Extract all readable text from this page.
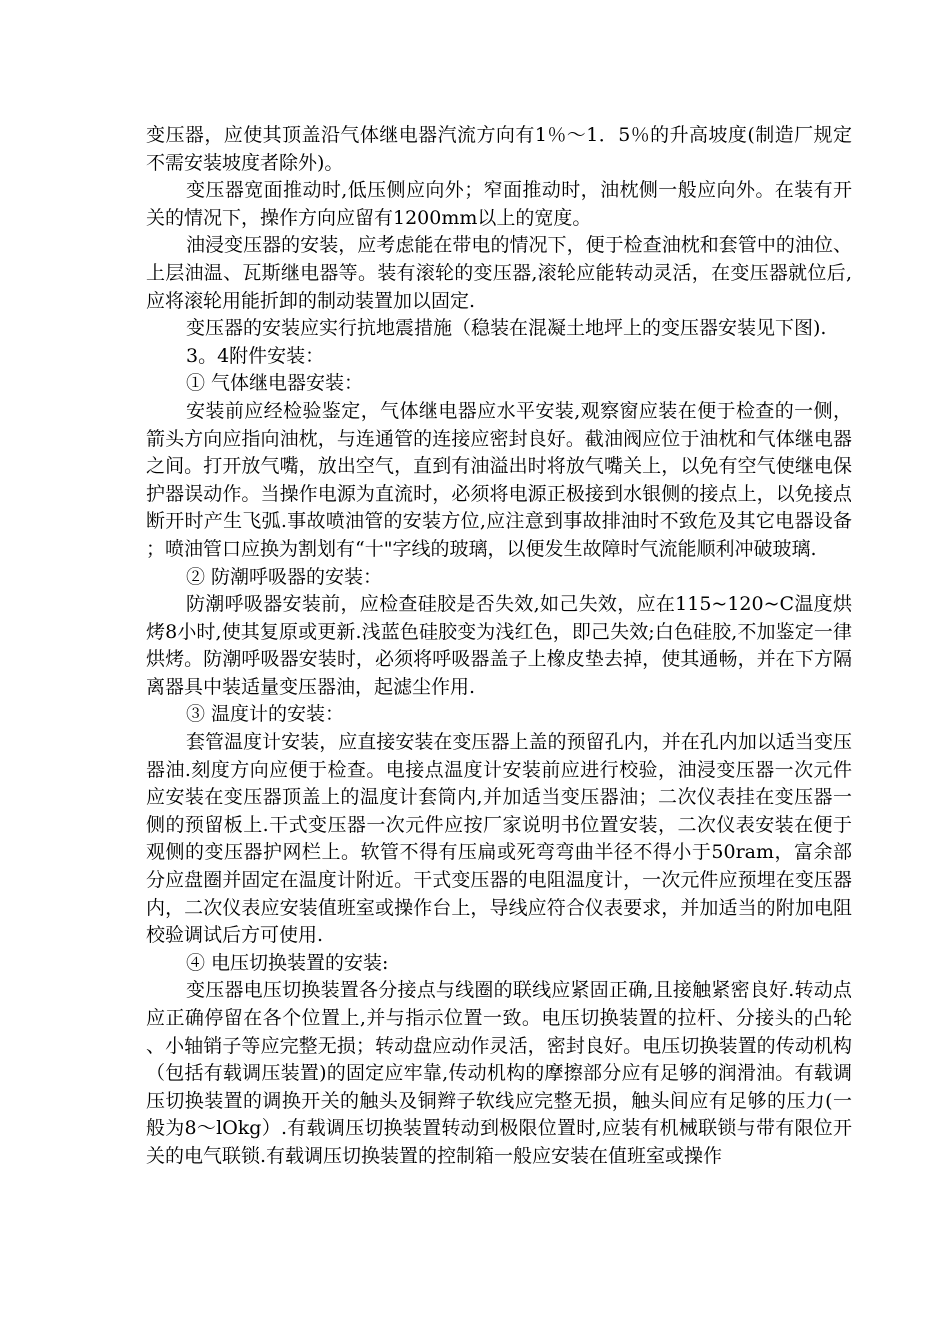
变压器，应使其顶盖沿气体继电器汽流方向有1％～1．5％的升高坡度(制造厂规定不需安装坡度者除外)。

变压器宽面推动时,低压侧应向外；窄面推动时，油枕侧一般应向外。在装有开关的情况下，操作方向应留有1200mm以上的宽度。

油浸变压器的安装，应考虑能在带电的情况下，便于检查油枕和套管中的油位、上层油温、瓦斯继电器等。装有滚轮的变压器,滚轮应能转动灵活，在变压器就位后,应将滚轮用能折卸的制动装置加以固定.

变压器的安装应实行抗地震措施（稳装在混凝土地坪上的变压器安装见下图).

3。4附件安装：

① 气体继电器安装：

安装前应经检验鉴定，气体继电器应水平安装,观察窗应装在便于检查的一侧，箭头方向应指向油枕，与连通管的连接应密封良好。截油阀应位于油枕和气体继电器之间。打开放气嘴，放出空气，直到有油溢出时将放气嘴关上，以免有空气使继电保护器误动作。当操作电源为直流时，必须将电源正极接到水银侧的接点上，以免接点断开时产生飞弧.事故喷油管的安装方位,应注意到事故排油时不致危及其它电器设备；喷油管口应换为割划有“十"字线的玻璃，以便发生故障时气流能顺利冲破玻璃.

② 防潮呼吸器的安装：

防潮呼吸器安装前，应检查硅胶是否失效,如己失效，应在115~120~C温度烘烤8小时,使其复原或更新.浅蓝色硅胶变为浅红色，即己失效;白色硅胶,不加鉴定一律烘烤。防潮呼吸器安装时，必须将呼吸器盖子上橡皮垫去掉，使其通畅，并在下方隔离器具中装适量变压器油，起滤尘作用.

③ 温度计的安装：

套管温度计安装，应直接安装在变压器上盖的预留孔内，并在孔内加以适当变压器油.刻度方向应便于检查。电接点温度计安装前应进行校验，油浸变压器一次元件应安装在变压器顶盖上的温度计套筒内,并加适当变压器油；二次仪表挂在变压器一侧的预留板上.干式变压器一次元件应按厂家说明书位置安装，二次仪表安装在便于观侧的变压器护网栏上。软管不得有压扁或死弯弯曲半径不得小于50ram，富余部分应盘圈并固定在温度计附近。干式变压器的电阻温度计，一次元件应预埋在变压器内，二次仪表应安装值班室或操作台上，导线应符合仪表要求，并加适当的附加电阻校验调试后方可使用.

④ 电压切换装置的安装:

变压器电压切换装置各分接点与线圈的联线应紧固正确,且接触紧密良好.转动点应正确停留在各个位置上,并与指示位置一致。电压切换装置的拉杆、分接头的凸轮、小轴销子等应完整无损；转动盘应动作灵活，密封良好。电压切换装置的传动机构（包括有载调压装置)的固定应牢靠,传动机构的摩擦部分应有足够的润滑油。有载调压切换装置的调换开关的触头及铜辫子软线应完整无损，触头间应有足够的压力(一般为8～lOkg）.有载调压切换装置转动到极限位置时,应装有机械联锁与带有限位开关的电气联锁.有载调压切换装置的控制箱一般应安装在值班室或操作
